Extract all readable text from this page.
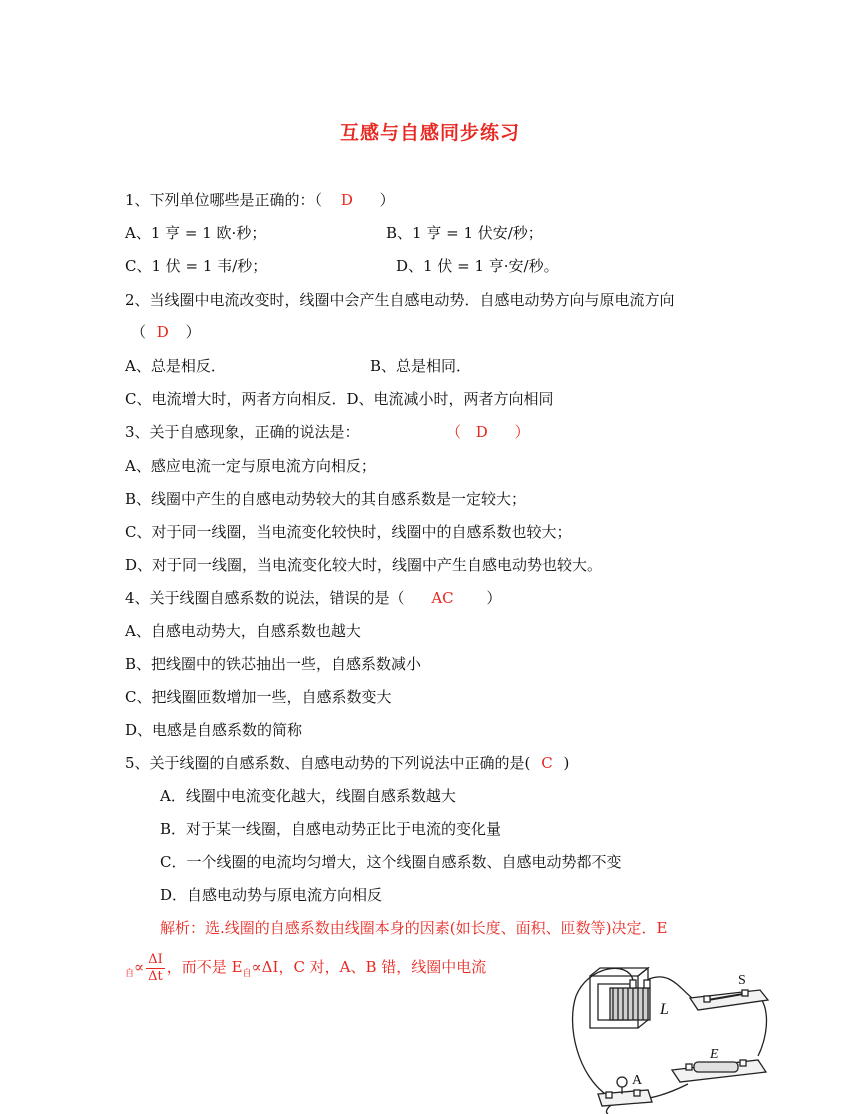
互感与自感同步练习
1、下列单位哪些是正确的：（ D ）
A、1 亨 = 1 欧·秒；	B、1 亨 = 1 伏安/秒；
C、1 伏 = 1 韦/秒；	D、1 伏 = 1 亨·安/秒。
2、当线圈中电流改变时，线圈中会产生自感电动势．自感电动势方向与原电流方向
（ D ）
A、总是相反．	B、总是相同．
C、电流增大时，两者方向相反．D、电流减小时，两者方向相同
3、关于自感现象，正确的说法是：	（ D ）
A、感应电流一定与原电流方向相反；
B、线圈中产生的自感电动势较大的其自感系数是一定较大；
C、对于同一线圈，当电流变化较快时，线圈中的自感系数也较大；
D、对于同一线圈，当电流变化较大时，线圈中产生自感电动势也较大。
4、关于线圈自感系数的说法，错误的是（ AC ）
A、自感电动势大，自感系数也越大
B、把线圈中的铁芯抽出一些，自感系数减小
C、把线圈匝数增加一些，自感系数变大
D、电感是自感系数的简称
5、关于线圈的自感系数、自感电动势的下列说法中正确的是( C )
A．线圈中电流变化越大，线圈自感系数越大
B．对于某一线圈，自感电动势正比于电流的变化量
C．一个线圈的电流均匀增大，这个线圈自感系数、自感电动势都不变
D．自感电动势与原电流方向相反
解析：选.线圈的自感系数由线圈本身的因素(如长度、面积、匝数等)决定．E
$_自\propto \frac{\Delta I}{\Delta t}$ ，而不是 $E_自\propto\Delta I$，C 对，A、B 错，线圈中电流
L
S
E
A
